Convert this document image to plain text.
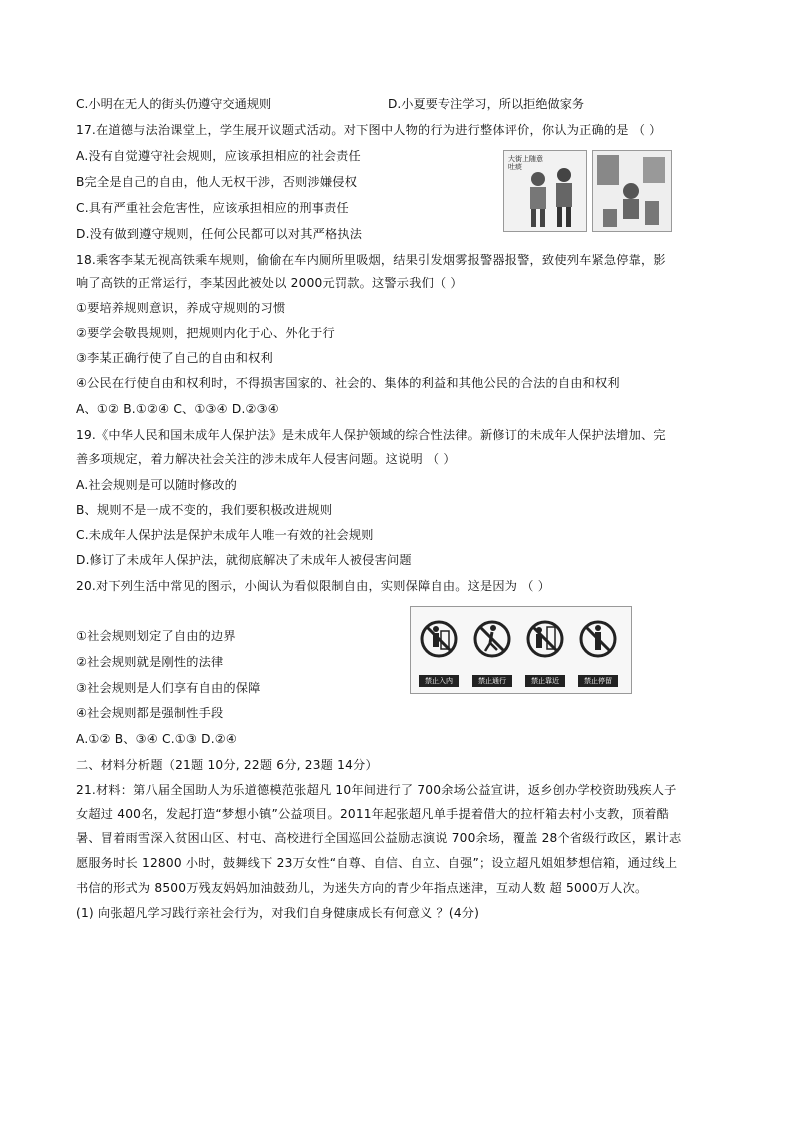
C.小明在无人的街头仍遵守交通规则	D.小夏要专注学习，所以拒绝做家务
17.在道德与法治课堂上，学生展开议题式活动。对下图中人物的行为进行整体评价，你认为正确的是 （ ）
A.没有自觉遵守社会规则，应该承担相应的社会责任
B完全是自己的自由，他人无权干涉，否则涉嫌侵权
C.具有严重社会危害性，应该承担相应的刑事责任
D.没有做到遵守规则，任何公民都可以对其严格执法
大街上随意吐痰
18.乘客李某无视高铁乘车规则，偷偷在车内厕所里吸烟，结果引发烟雾报警器报警，致使列车紧急停靠，影
响了高铁的正常运行，李某因此被处以 2000元罚款。这警示我们（ ）
①要培养规则意识，养成守规则的习惯
②要学会敬畏规则，把规则内化于心、外化于行
③李某正确行使了自己的自由和权利
④公民在行使自由和权利时，不得损害国家的、社会的、集体的利益和其他公民的合法的自由和权利
A、①② B.①②④ C、①③④ D.②③④
19.《中华人民和国未成年人保护法》是未成年人保护领域的综合性法律。新修订的未成年人保护法增加、完
善多项规定，着力解决社会关注的涉未成年人侵害问题。这说明 （ ）
A.社会规则是可以随时修改的
B、规则不是一成不变的，我们要积极改进规则
C.未成年人保护法是保护未成年人唯一有效的社会规则
D.修订了未成年人保护法，就彻底解决了未成年人被侵害问题
20.对下列生活中常见的图示，小闽认为看似限制自由，实则保障自由。这是因为 （ ）
①社会规则划定了自由的边界
②社会规则就是刚性的法律
③社会规则是人们享有自由的保障
④社会规则都是强制性手段
A.①② B、③④ C.①③ D.②④
禁止入内	禁止通行	禁止靠近	禁止停留
二、材料分析题（21题 10分, 22题 6分, 23题 14分）
21.材料：第八届全国助人为乐道德模范张超凡 10年间进行了 700余场公益宣讲，返乡创办学校资助残疾人子
女超过 400名，发起打造“梦想小镇”公益项目。2011年起张超凡单手提着借大的拉杆箱去村小支教，顶着酷
暑、冒着雨雪深入贫困山区、村屯、高校进行全国巡回公益励志演说 700余场，覆盖 28个省级行政区，累计志
愿服务时长 12800 小时，鼓舞线下 23万女性“自尊、自信、自立、自强”；设立超凡姐姐梦想信箱，通过线上
书信的形式为 8500万残友妈妈加油鼓劲儿，为迷失方向的青少年指点迷津，互动人数 超 5000万人次。
(1) 向张超凡学习践行亲社会行为，对我们自身健康成长有何意义 ？(4分)
